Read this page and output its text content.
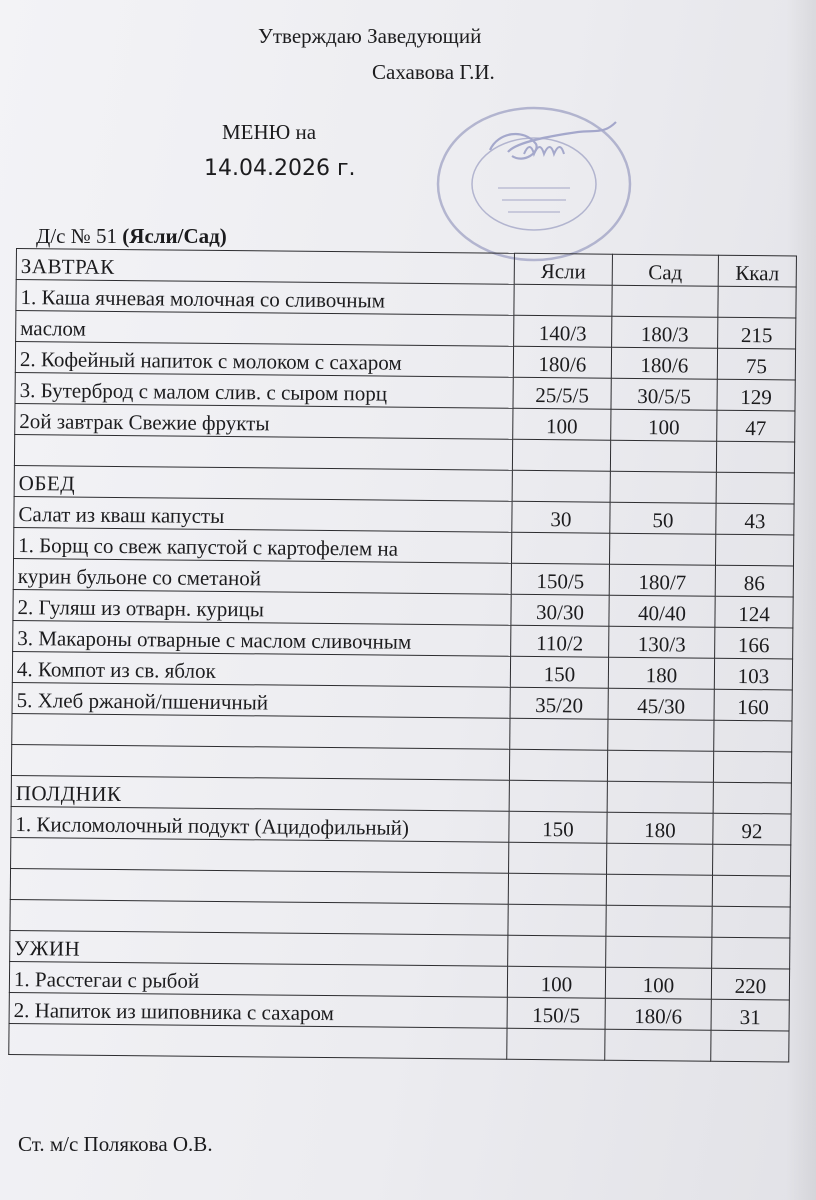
Утверждаю Заведующий
Сахавова Г.И.
МЕНЮ на
14.04.2026 г.
Д/с № 51 (Ясли/Сад)
ЗАВТРАК	Ясли	Сад	Ккал
1. Каша ячневая молочная со сливочным			
маслом	140/3	180/3	215
2. Кофейный напиток с молоком с сахаром	180/6	180/6	75
3. Бутерброд с малом слив. с сыром порц	25/5/5	30/5/5	129
2ой завтрак Свежие фрукты	100	100	47

ОБЕД			
Салат из кваш капусты	30	50	43
1. Борщ со свеж капустой с картофелем на			
курин бульоне со сметаной	150/5	180/7	86
2. Гуляш из отварн. курицы	30/30	40/40	124
3. Макароны отварные с маслом сливочным	110/2	130/3	166
4. Компот из св. яблок	150	180	103
5. Хлеб ржаной/пшеничный	35/20	45/30	160

ПОЛДНИК			
1. Кисломолочный подукт (Ацидофильный)	150	180	92

УЖИН			
1. Расстегаи с рыбой	100	100	220
2. Напиток из шиповника с сахаром	150/5	180/6	31

Ст. м/с Полякова О.В.
